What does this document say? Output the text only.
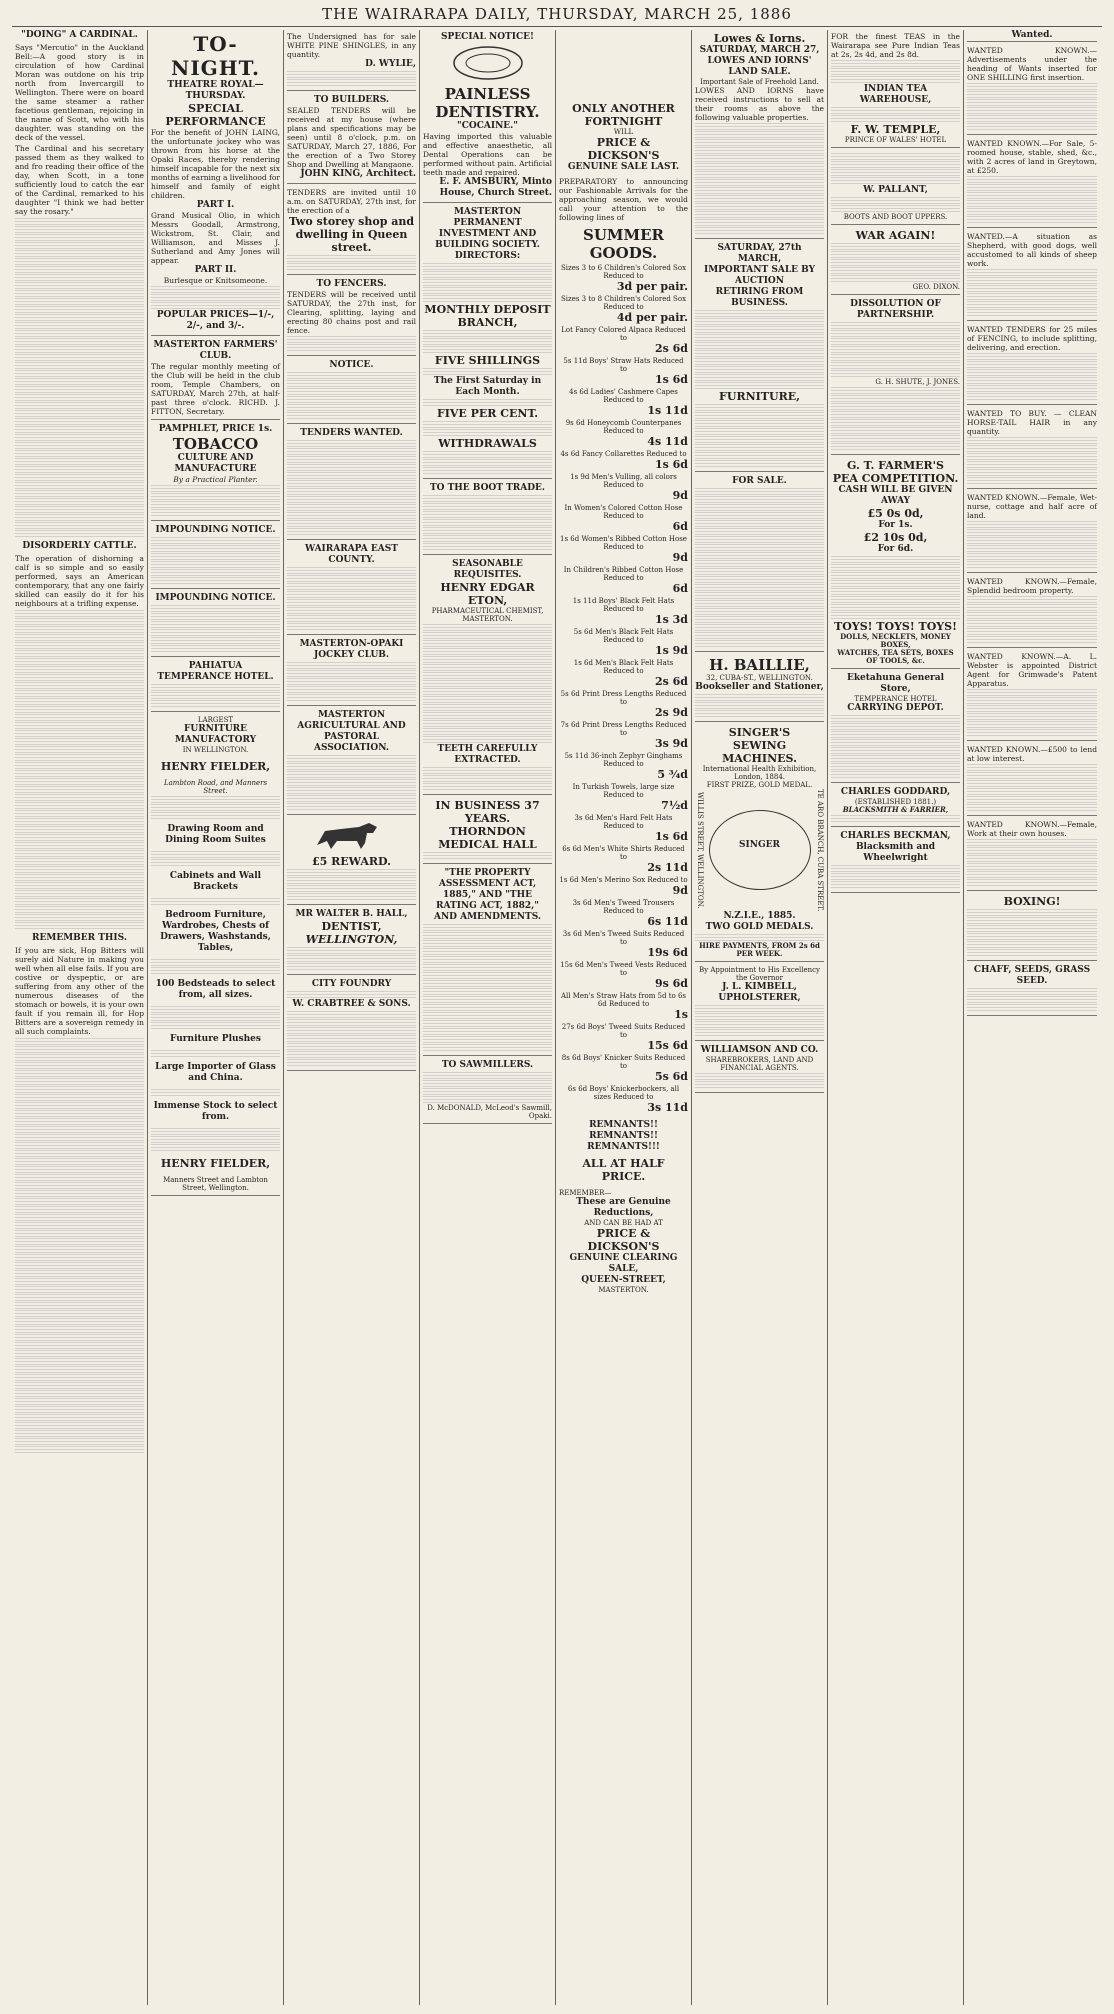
THE WAIRARAPA DAILY, THURSDAY, MARCH 25, 1886
"DOING" A CARDINAL.
Says "Mercutio" in the Auckland Bell:—A good story is in circulation of how Cardinal Moran was outdone on his trip north from Invercargill to Wellington. There were on board the same steamer a rather facetious gentleman, rejoicing in the name of Scott, who with his daughter, was standing on the deck of the vessel.
The Cardinal and his secretary passed them as they walked to and fro reading their office of the day, when Scott, in a tone sufficiently loud to catch the ear of the Cardinal, remarked to his daughter "I think we had better say the rosary."
DISORDERLY CATTLE.
The operation of dishorning a calf is so simple and so easily performed, says an American contemporary, that any one fairly skilled can easily do it for his neighbours at a trifling expense.
REMEMBER THIS.
If you are sick, Hop Bitters will surely aid Nature in making you well when all else fails. If you are costive or dyspeptic, or are suffering from any other of the numerous diseases of the stomach or bowels, it is your own fault if you remain ill, for Hop Bitters are a sovereign remedy in all such complaints.
TO-NIGHT.
THEATRE ROYAL—THURSDAY.
SPECIAL PERFORMANCE
For the benefit of JOHN LAING, the unfortunate jockey who was thrown from his horse at the Opaki Races, thereby rendering himself incapable for the next six months of earning a livelihood for himself and family of eight children.
PART I.
Grand Musical Olio, in which Messrs Goodall, Armstrong, Wickstrom, St. Clair, and Williamson, and Misses J. Sutherland and Amy Jones will appear.
PART II.
Burlesque or Knitsomeone.
POPULAR PRICES—1/-, 2/-, and 3/-.
MASTERTON FARMERS' CLUB.
The regular monthly meeting of the Club will be held in the club room, Temple Chambers, on SATURDAY, March 27th, at half-past three o'clock. RICHD. J. FITTON, Secretary.
PAMPHLET, PRICE 1s.
TOBACCO
CULTURE AND MANUFACTURE
By a Practical Planter.
IMPOUNDING NOTICE.
IMPOUNDING NOTICE.
PAHIATUA TEMPERANCE HOTEL.
LARGEST
FURNITURE MANUFACTORY
IN WELLINGTON.
HENRY FIELDER,
Lambton Road, and Manners Street.
Drawing Room and Dining Room Suites
Cabinets and Wall Brackets
Bedroom Furniture, Wardrobes, Chests of Drawers, Washstands, Tables,
100 Bedsteads to select from, all sizes.
Furniture Plushes
Large Importer of Glass and China.
Immense Stock to select from.
HENRY FIELDER,
Manners Street and Lambton Street, Wellington.
The Undersigned has for sale WHITE PINE SHINGLES, in any quantity.
D. WYLIE,
TO BUILDERS.
SEALED TENDERS will be received at my house (where plans and specifications may be seen) until 8 o'clock, p.m. on SATURDAY, March 27, 1886, For the erection of a Two Storey Shop and Dwelling at Mangaone.
JOHN KING, Architect.
TENDERS are invited until 10 a.m. on SATURDAY, 27th inst, for the erection of a
Two storey shop and dwelling in Queen street.
TO FENCERS.
TENDERS will be received until SATURDAY, the 27th inst, for Clearing, splitting, laying and erecting 80 chains post and rail fence.
NOTICE.
TENDERS WANTED.
WAIRARAPA EAST COUNTY.
MASTERTON-OPAKI JOCKEY CLUB.
MASTERTON AGRICULTURAL AND PASTORAL ASSOCIATION.
£5 REWARD.
MR WALTER B. HALL,
DENTIST,
WELLINGTON,
CITY FOUNDRY
W. CRABTREE & SONS.
SPECIAL NOTICE!
PAINLESS
DENTISTRY.
"COCAINE."
Having imported this valuable and effective anaesthetic, all Dental Operations can be performed without pain. Artificial teeth made and repaired.
E. F. AMSBURY, Minto House, Church Street.
MASTERTON PERMANENT INVESTMENT AND BUILDING SOCIETY.
DIRECTORS:
MONTHLY DEPOSIT BRANCH,
FIVE SHILLINGS
The First Saturday in Each Month.
FIVE PER CENT.
WITHDRAWALS
TO THE BOOT TRADE.
SEASONABLE REQUISITES.
HENRY EDGAR ETON,
PHARMACEUTICAL CHEMIST, MASTERTON.
TEETH CAREFULLY EXTRACTED.
IN BUSINESS 37 YEARS.
THORNDON MEDICAL HALL
"THE PROPERTY ASSESSMENT ACT, 1885," AND "THE RATING ACT, 1882," AND AMENDMENTS.
TO SAWMILLERS.
D. McDONALD, McLeod's Sawmill, Opaki.
ONLY ANOTHER
FORTNIGHT
WILL
PRICE & DICKSON'S
GENUINE SALE LAST.
PREPARATORY to announcing our Fashionable Arrivals for the approaching season, we would call your attention to the following lines of
SUMMER GOODS.
Sizes 3 to 6 Children's Colored Sox Reduced to
3d per pair.
Sizes 3 to 8 Children's Colored Sox Reduced to
4d per pair.
Lot Fancy Colored Alpaca Reduced to
2s 6d
5s 11d Boys' Straw Hats Reduced to
1s 6d
4s 6d Ladies' Cashmere Capes Reduced to
1s 11d
9s 6d Honeycomb Counterpanes Reduced to
4s 11d
4s 6d Fancy Collarettes Reduced to
1s 6d
1s 9d Men's Vulling, all colors Reduced to
9d
In Women's Colored Cotton Hose Reduced to
6d
1s 6d Women's Ribbed Cotton Hose Reduced to
9d
In Children's Ribbed Cotton Hose Reduced to
6d
1s 11d Boys' Black Felt Hats Reduced to
1s 3d
5s 6d Men's Black Felt Hats Reduced to
1s 9d
1s 6d Men's Black Felt Hats Reduced to
2s 6d
5s 6d Print Dress Lengths Reduced to
2s 9d
7s 6d Print Dress Lengths Reduced to
3s 9d
5s 11d 36-inch Zephyr Ginghams Reduced to
5 ¾d
In Turkish Towels, large size Reduced to
7½d
3s 6d Men's Hard Felt Hats Reduced to
1s 6d
6s 6d Men's White Shirts Reduced to
2s 11d
1s 6d Men's Merino Sox Reduced to
9d
3s 6d Men's Tweed Trousers Reduced to
6s 11d
3s 6d Men's Tweed Suits Reduced to
19s 6d
15s 6d Men's Tweed Vests Reduced to
9s 6d
All Men's Straw Hats from 5d to 6s 6d Reduced to
1s
27s 6d Boys' Tweed Suits Reduced to
15s 6d
8s 6d Boys' Knicker Suits Reduced to
5s 6d
6s 6d Boys' Knickerbockers, all sizes Reduced to
3s 11d
REMNANTS!! REMNANTS!!
REMNANTS!!!
ALL AT HALF PRICE.
REMEMBER—
These are Genuine Reductions,
AND CAN BE HAD AT
PRICE & DICKSON'S
GENUINE CLEARING SALE,
QUEEN-STREET,
MASTERTON.
Lowes & Iorns.
SATURDAY, MARCH 27,
LOWES AND IORNS' LAND SALE.
Important Sale of Freehold Land.
LOWES AND IORNS have received instructions to sell at their rooms as above the following valuable properties.
SATURDAY, 27th MARCH,
IMPORTANT SALE BY AUCTION
RETIRING FROM BUSINESS.
FURNITURE,
FOR SALE.
H. BAILLIE,
32, CUBA-ST., WELLINGTON.
Bookseller and Stationer,
SINGER'S
SEWING
MACHINES.
International Health Exhibition, London, 1884.
FIRST PRIZE, GOLD MEDAL.
WILLIS STREET, WELLINGTON.	SINGER	TE ARO BRANCH, CUBA STREET.
N.Z.I.E., 1885.
TWO GOLD MEDALS.
HIRE PAYMENTS, FROM 2s 6d PER WEEK.
By Appointment to His Excellency the Governor
J. L. KIMBELL,
UPHOLSTERER,
WILLIAMSON AND CO.
SHAREBROKERS, LAND AND FINANCIAL AGENTS.
FOR the finest TEAS in the Wairarapa see Pure Indian Teas at 2s, 2s 4d, and 2s 8d.
INDIAN TEA WAREHOUSE,
F. W. TEMPLE,
PRINCE OF WALES' HOTEL
W. PALLANT,
BOOTS AND BOOT UPPERS.
WAR AGAIN!
GEO. DIXON.
DISSOLUTION OF PARTNERSHIP.
G. H. SHUTE, J. JONES.
G. T. FARMER'S
PEA COMPETITION.
CASH WILL BE GIVEN AWAY
£5 0s 0d,
For 1s.
£2 10s 0d,
For 6d.
TOYS! TOYS! TOYS!
DOLLS, NECKLETS, MONEY BOXES,
WATCHES, TEA SETS, BOXES OF TOOLS, &c.
Eketahuna General Store,
TEMPERANCE HOTEL
CARRYING DEPOT.
CHARLES GODDARD,
(ESTABLISHED 1881.)
BLACKSMITH & FARRIER,
CHARLES BECKMAN,
Blacksmith and Wheelwright
Wanted.
WANTED KNOWN.—Advertisements under the heading of Wants inserted for ONE SHILLING first insertion.
WANTED KNOWN.—For Sale, 5-roomed house, stable, shed, &c., with 2 acres of land in Greytown, at £250.
WANTED.—A situation as Shepherd, with good dogs, well accustomed to all kinds of sheep work.
WANTED TENDERS for 25 miles of FENCING, to include splitting, delivering, and erection.
WANTED TO BUY. — CLEAN HORSE-TAIL HAIR in any quantity.
WANTED KNOWN.—Female, Wet-nurse, cottage and half acre of land.
WANTED KNOWN.—Female, Splendid bedroom property.
WANTED KNOWN.—A. L. Webster is appointed District Agent for Grimwade's Patent Apparatus.
WANTED KNOWN.—£500 to lend at low interest.
WANTED KNOWN.—Female, Work at their own houses.
BOXING!
CHAFF, SEEDS, GRASS SEED.
